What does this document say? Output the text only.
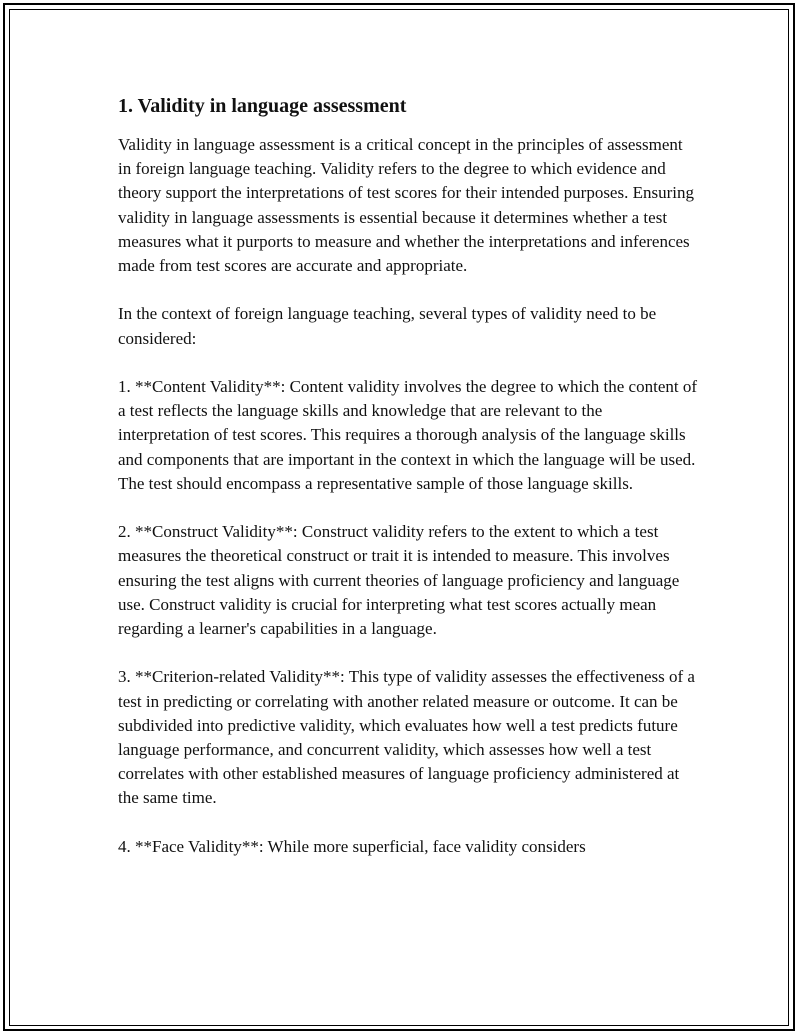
1. Validity in language assessment

Validity in language assessment is a critical concept in the principles of assessment in foreign language teaching. Validity refers to the degree to which evidence and theory support the interpretations of test scores for their intended purposes. Ensuring validity in language assessments is essential because it determines whether a test measures what it purports to measure and whether the interpretations and inferences made from test scores are accurate and appropriate.

In the context of foreign language teaching, several types of validity need to be considered:

1. **Content Validity**: Content validity involves the degree to which the content of a test reflects the language skills and knowledge that are relevant to the interpretation of test scores. This requires a thorough analysis of the language skills and components that are important in the context in which the language will be used. The test should encompass a representative sample of those language skills.

2. **Construct Validity**: Construct validity refers to the extent to which a test measures the theoretical construct or trait it is intended to measure. This involves ensuring the test aligns with current theories of language proficiency and language use. Construct validity is crucial for interpreting what test scores actually mean regarding a learner's capabilities in a language.

3. **Criterion-related Validity**: This type of validity assesses the effectiveness of a test in predicting or correlating with another related measure or outcome. It can be subdivided into predictive validity, which evaluates how well a test predicts future language performance, and concurrent validity, which assesses how well a test correlates with other established measures of language proficiency administered at the same time.

4. **Face Validity**: While more superficial, face validity considers
